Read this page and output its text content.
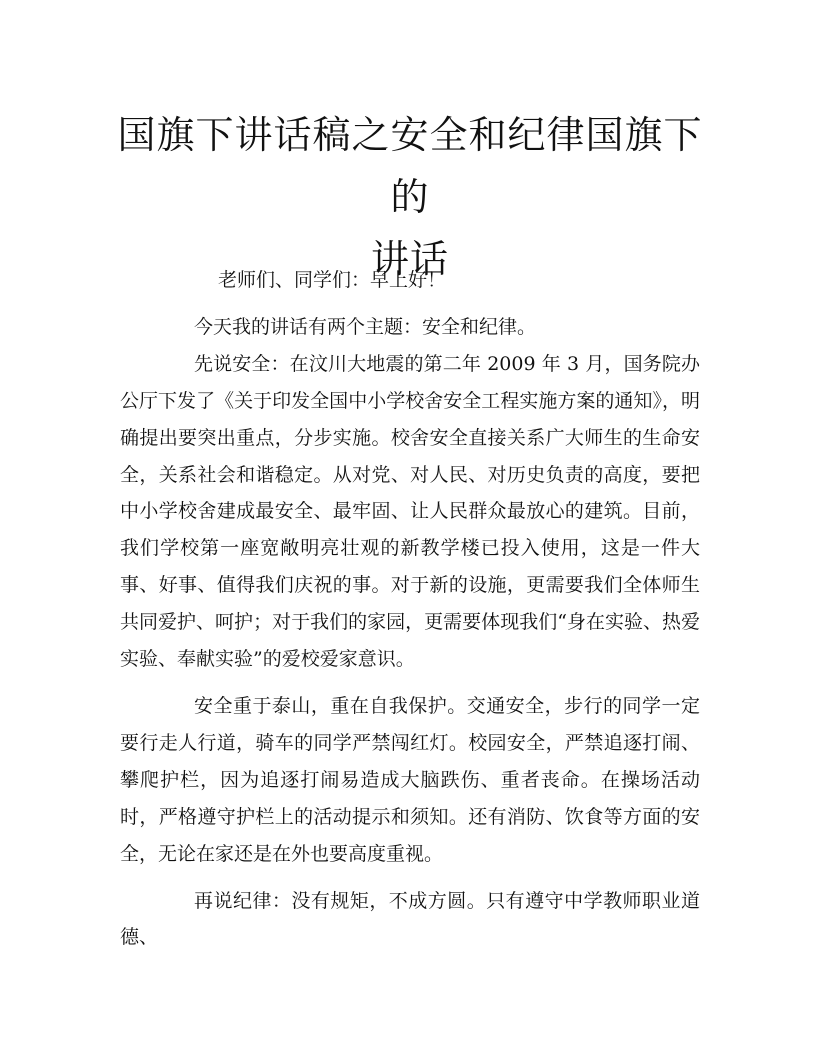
国旗下讲话稿之安全和纪律国旗下的
讲话

老师们、同学们：早上好！

今天我的讲话有两个主题：安全和纪律。

先说安全：在汶川大地震的第二年 2009 年 3 月，国务院办公厅下发了《关于印发全国中小学校舍安全工程实施方案的通知》，明确提出要突出重点，分步实施。校舍安全直接关系广大师生的生命安全，关系社会和谐稳定。从对党、对人民、对历史负责的高度，要把中小学校舍建成最安全、最牢固、让人民群众最放心的建筑。目前，我们学校第一座宽敞明亮壮观的新教学楼已投入使用，这是一件大事、好事、值得我们庆祝的事。对于新的设施，更需要我们全体师生共同爱护、呵护；对于我们的家园，更需要体现我们“身在实验、热爱实验、奉献实验”的爱校爱家意识。

安全重于泰山，重在自我保护。交通安全，步行的同学一定要行走人行道，骑车的同学严禁闯红灯。校园安全，严禁追逐打闹、攀爬护栏，因为追逐打闹易造成大脑跌伤、重者丧命。在操场活动时，严格遵守护栏上的活动提示和须知。还有消防、饮食等方面的安全，无论在家还是在外也要高度重视。

再说纪律：没有规矩，不成方圆。只有遵守中学教师职业道德、
